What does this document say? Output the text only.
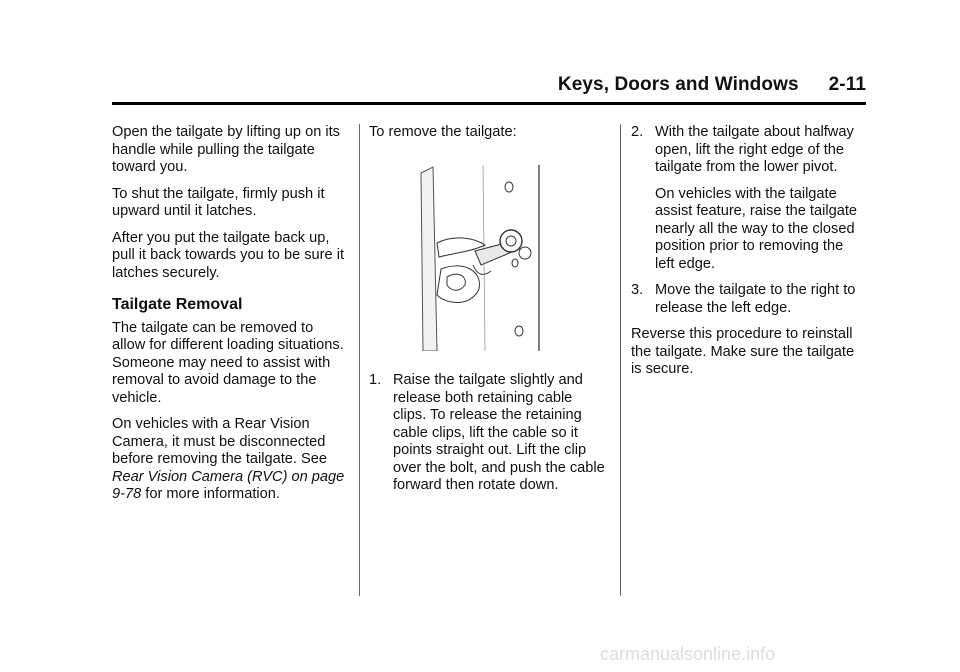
Keys, Doors and Windows 2-11

Open the tailgate by lifting up on its handle while pulling the tailgate toward you.

To shut the tailgate, firmly push it upward until it latches.

After you put the tailgate back up, pull it back towards you to be sure it latches securely.

Tailgate Removal

The tailgate can be removed to allow for different loading situations. Someone may need to assist with removal to avoid damage to the vehicle.

On vehicles with a Rear Vision Camera, it must be disconnected before removing the tailgate. See Rear Vision Camera (RVC) on page 9-78 for more information.

To remove the tailgate:

1. Raise the tailgate slightly and release both retaining cable clips. To release the retaining cable clips, lift the cable so it points straight out. Lift the clip over the bolt, and push the cable forward then rotate down.
2. With the tailgate about halfway open, lift the right edge of the tailgate from the lower pivot.

On vehicles with the tailgate assist feature, raise the tailgate nearly all the way to the closed position prior to removing the left edge.

3. Move the tailgate to the right to release the left edge.

Reverse this procedure to reinstall the tailgate. Make sure the tailgate is secure.

carmanualsonline.info
